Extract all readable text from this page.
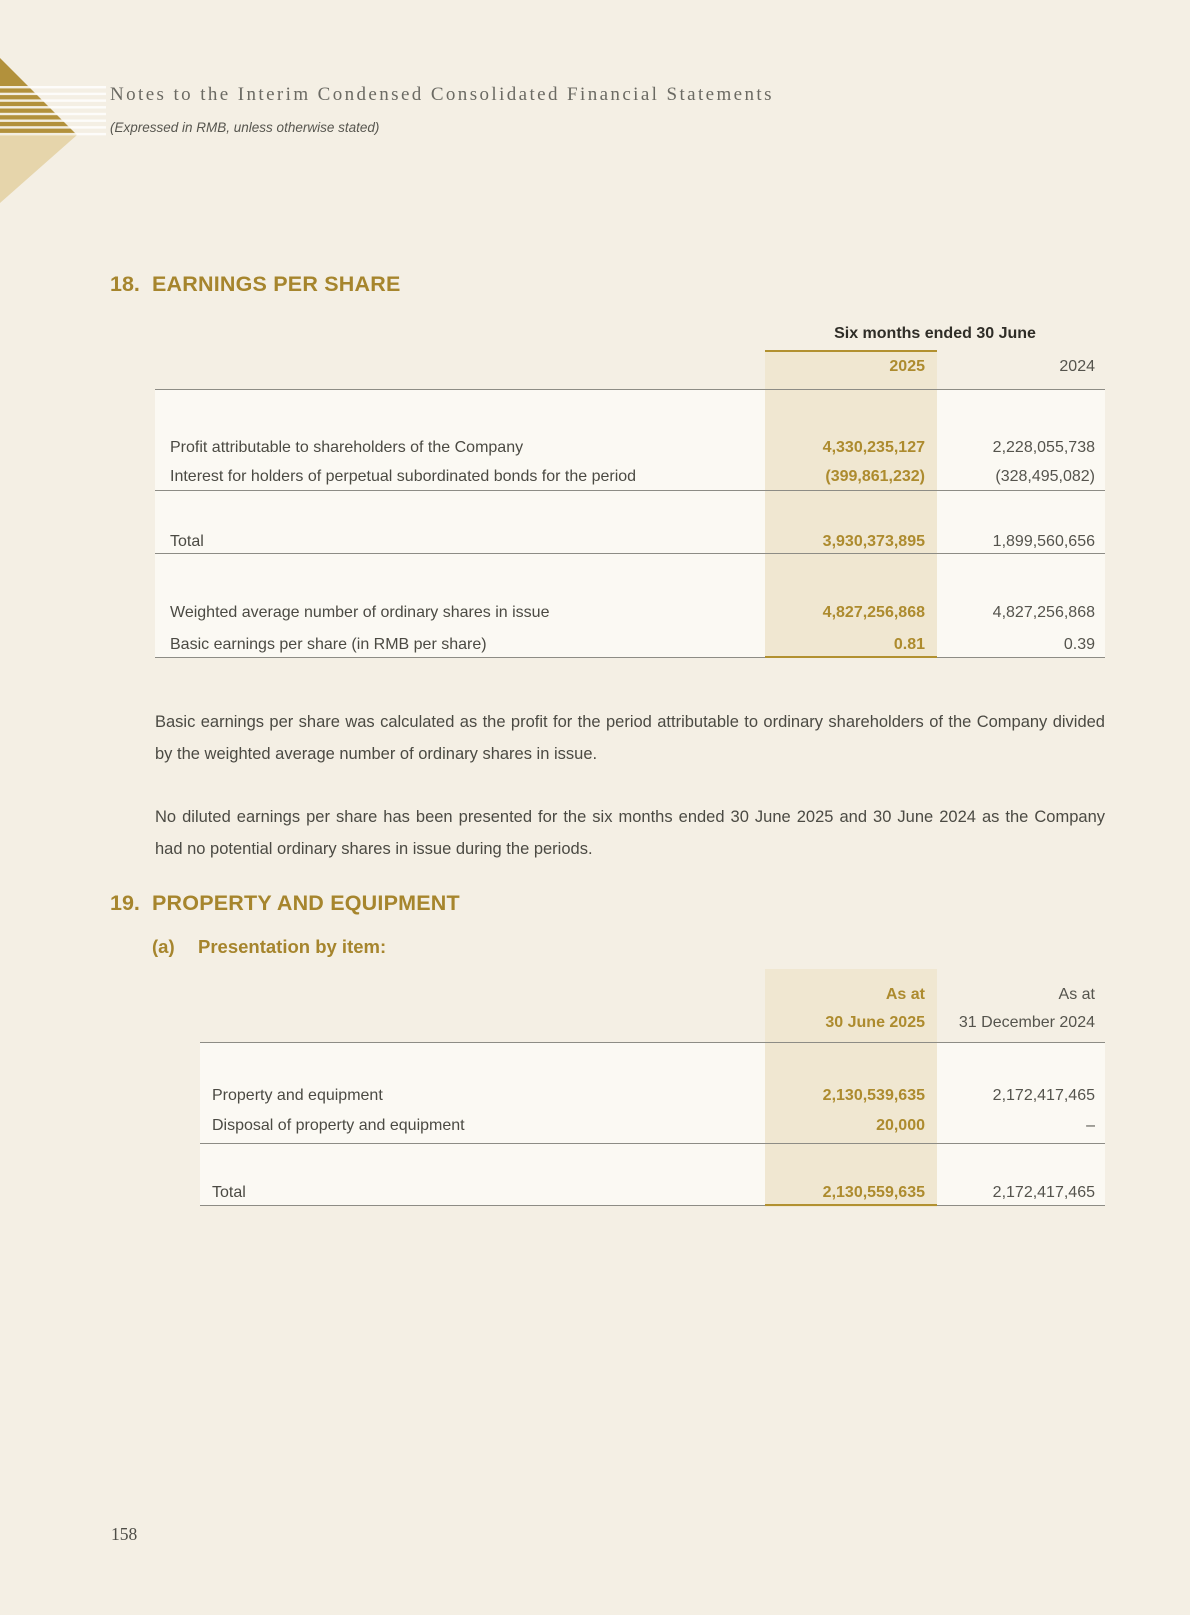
Notes to the Interim Condensed Consolidated Financial Statements
(Expressed in RMB, unless otherwise stated)
18. EARNINGS PER SHARE
Six months ended 30 June
2025	2024
Profit attributable to shareholders of the Company	4,330,235,127	2,228,055,738
Interest for holders of perpetual subordinated bonds for the period	(399,861,232)	(328,495,082)
Total	3,930,373,895	1,899,560,656
Weighted average number of ordinary shares in issue	4,827,256,868	4,827,256,868
Basic earnings per share (in RMB per share)	0.81	0.39
Basic earnings per share was calculated as the profit for the period attributable to ordinary shareholders of the Company divided by the weighted average number of ordinary shares in issue.
No diluted earnings per share has been presented for the six months ended 30 June 2025 and 30 June 2024 as the Company had no potential ordinary shares in issue during the periods.
19. PROPERTY AND EQUIPMENT
(a) Presentation by item:
As at	As at
30 June 2025	31 December 2024
Property and equipment	2,130,539,635	2,172,417,465
Disposal of property and equipment	20,000	–
Total	2,130,559,635	2,172,417,465
158
